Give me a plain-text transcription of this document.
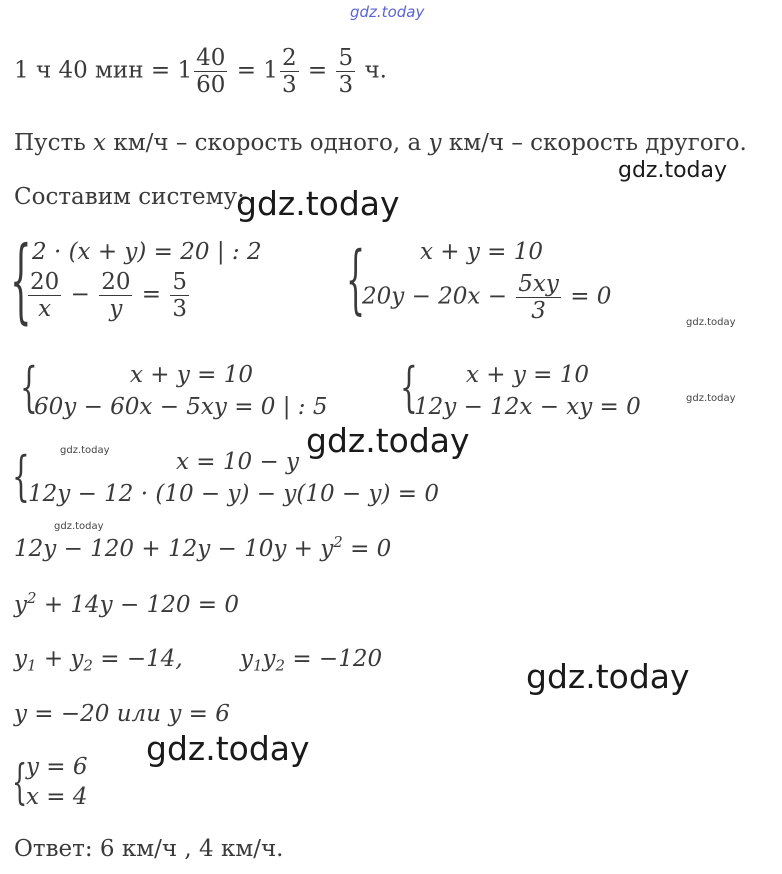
gdz.today
gdz.today
gdz.today
gdz.today
gdz.today
gdz.today
gdz.today
gdz.today
gdz.today
gdz.today
1 ч 40 мин = $1 \frac{40}{60} = 1 \frac{2}{3} = \frac{5}{3} ч$.
Пусть x км/ч – скорость одного, а y км/ч – скорость другого.
Составим систему:
{ 2 · (x + y) = 20 | : 2
$\frac{20}{x} - \frac{20}{y} = \frac{5}{3}$	{ x + y = 10
$20y - 20x - \frac{5xy}{3} = 0$
{	x + y = 10
60y − 60x − 5xy = 0 | : 5	{ x + y = 10
12y − 12x − xy = 0
{	x = 10 − y
12y − 12 · (10 − y) − y(10 − y) = 0
$12y - 120 + 12y - 10y + y^2 = 0$
$y^2 + 14y - 120 = 0$
$y_1 + y_2 = -14$, $y_1y_2 = -120$
y = −20 или y = 6
{
y = 6
x = 4
Ответ: 6 км/ч , 4 км/ч.
